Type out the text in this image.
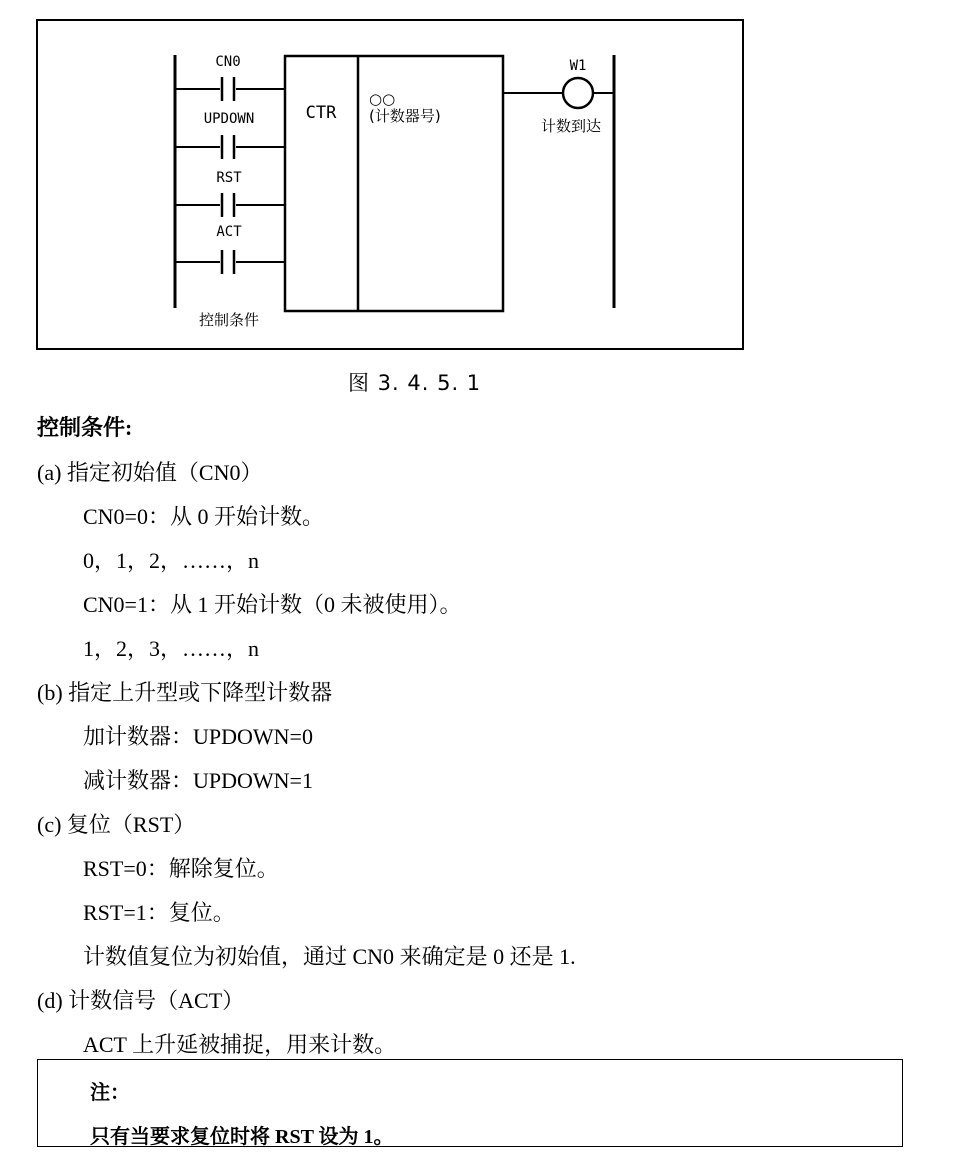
CN0
UPDOWN
RST
ACT
控制条件
CTR
○○
(计数器号)
W1
计数到达
图 3. 4. 5. 1
控制条件:
(a) 指定初始值（CN0）
CN0=0：从 0 开始计数。
0，1，2，……，n
CN0=1：从 1 开始计数（0 未被使用）。
1，2，3，……，n
(b) 指定上升型或下降型计数器
加计数器：UPDOWN=0
减计数器：UPDOWN=1
(c) 复位（RST）
RST=0：解除复位。
RST=1：复位。
计数值复位为初始值，通过 CN0 来确定是 0 还是 1.
(d) 计数信号（ACT）
ACT 上升延被捕捉，用来计数。
注：
只有当要求复位时将 RST 设为 1。
